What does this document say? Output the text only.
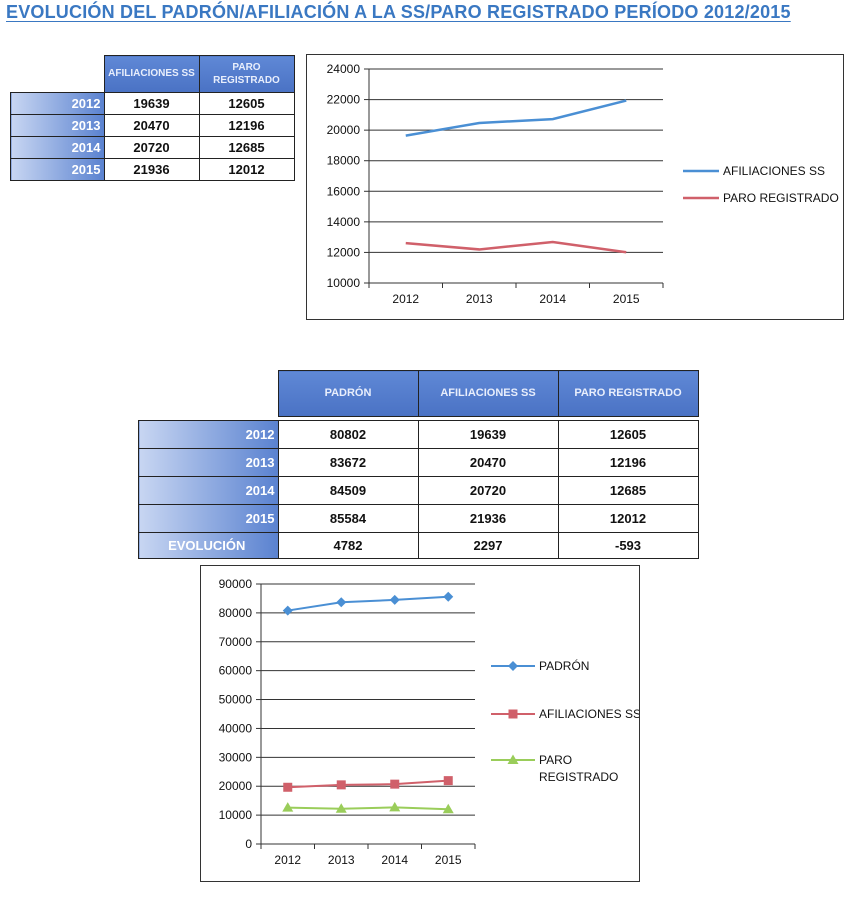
EVOLUCIÓN DEL PADRÓN/AFILIACIÓN A LA SS/PARO REGISTRADO PERÍODO 2012/2015
	AFILIACIONES SS	PARO REGISTRADO
2012	19639	12605
2013	20470	12196
2014	20720	12685
2015	21936	12012
10000
12000
14000
16000
18000
20000
22000
24000
2012	2013	2014	2015
AFILIACIONES SS
PARO REGISTRADO
	PADRÓN	AFILIACIONES SS	PARO REGISTRADO

2012	80802	19639	12605
2013	83672	20470	12196
2014	84509	20720	12685
2015	85584	21936	12012
EVOLUCIÓN	4782	2297	-593
0
10000
20000
30000
40000
50000
60000
70000
80000
90000
2012 2013 2014 2015
PADRÓN
AFILIACIONES SS
PARO REGISTRADO
